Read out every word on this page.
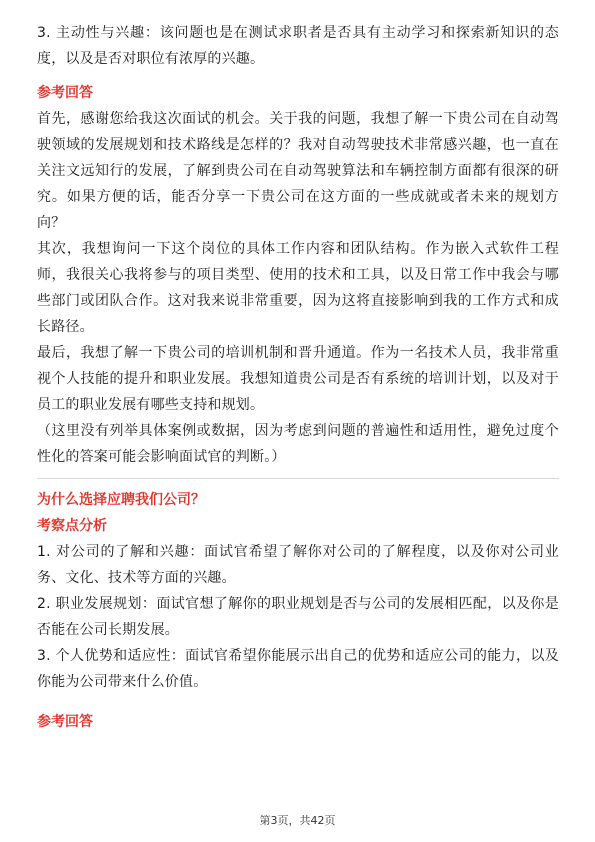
3. 主动性与兴趣：该问题也是在测试求职者是否具有主动学习和探索新知识的态度，以及是否对职位有浓厚的兴趣。

参考回答

首先，感谢您给我这次面试的机会。关于我的问题，我想了解一下贵公司在自动驾驶领域的发展规划和技术路线是怎样的？我对自动驾驶技术非常感兴趣，也一直在关注文远知行的发展，了解到贵公司在自动驾驶算法和车辆控制方面都有很深的研究。如果方便的话，能否分享一下贵公司在这方面的一些成就或者未来的规划方向？

其次，我想询问一下这个岗位的具体工作内容和团队结构。作为嵌入式软件工程师，我很关心我将参与的项目类型、使用的技术和工具，以及日常工作中我会与哪些部门或团队合作。这对我来说非常重要，因为这将直接影响到我的工作方式和成长路径。

最后，我想了解一下贵公司的培训机制和晋升通道。作为一名技术人员，我非常重视个人技能的提升和职业发展。我想知道贵公司是否有系统的培训计划，以及对于员工的职业发展有哪些支持和规划。

（这里没有列举具体案例或数据，因为考虑到问题的普遍性和适用性，避免过度个性化的答案可能会影响面试官的判断。）

为什么选择应聘我们公司？

考察点分析

1. 对公司的了解和兴趣：面试官希望了解你对公司的了解程度，以及你对公司业务、文化、技术等方面的兴趣。

2. 职业发展规划：面试官想了解你的职业规划是否与公司的发展相匹配，以及你是否能在公司长期发展。

3. 个人优势和适应性：面试官希望你能展示出自己的优势和适应公司的能力，以及你能为公司带来什么价值。

参考回答

第3页，共42页
